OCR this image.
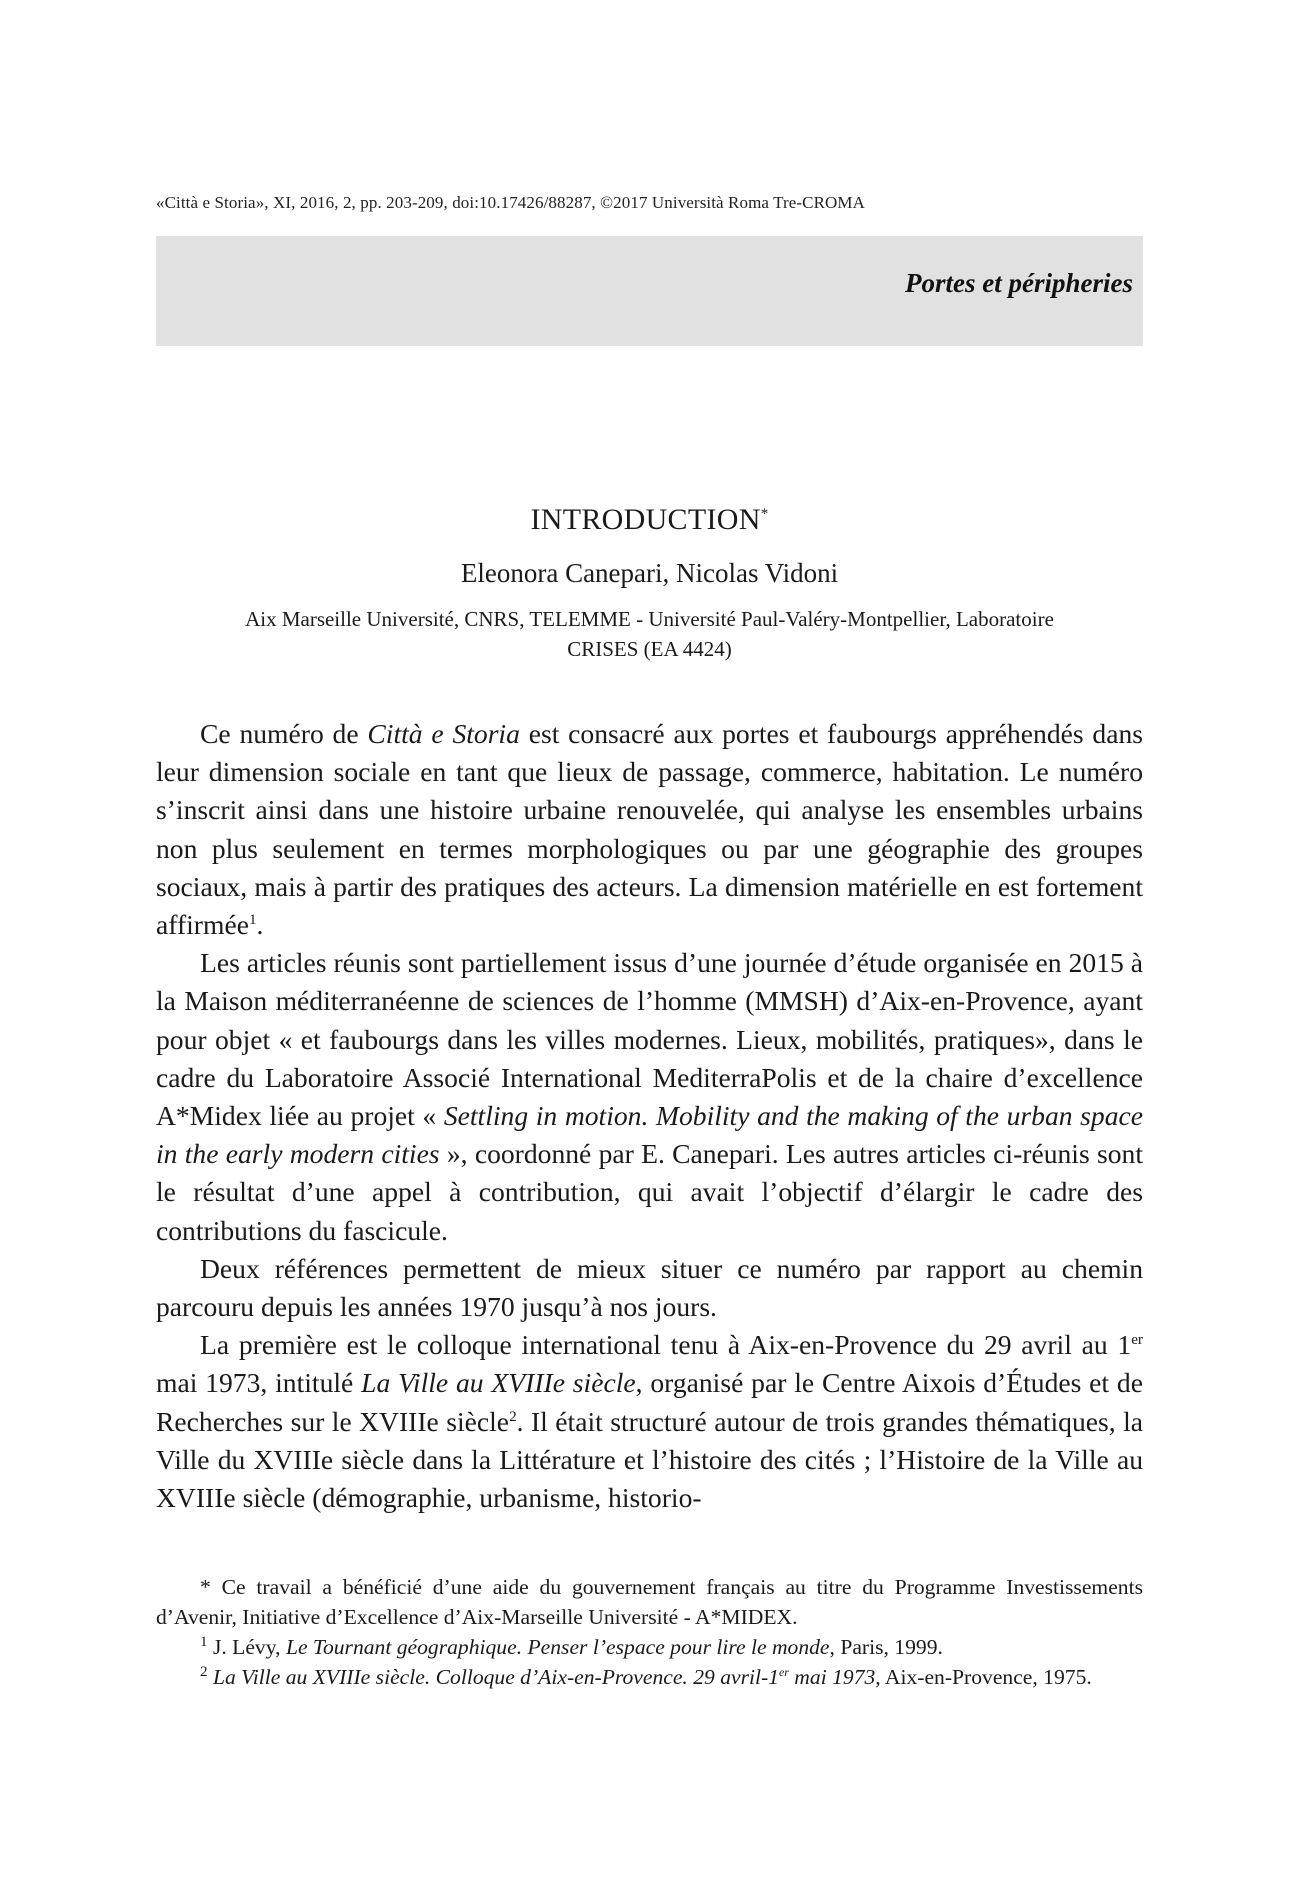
«Città e Storia», XI, 2016, 2, pp. 203-209, doi:10.17426/88287, ©2017 Università Roma Tre-CROMA
Portes et péripheries
INTRODUCTION*
Eleonora Canepari, Nicolas Vidoni
Aix Marseille Université, CNRS, TELEMME - Université Paul-Valéry-Montpellier, Laboratoire
CRISES (EA 4424)

Ce numéro de Città e Storia est consacré aux portes et faubourgs appréhendés dans leur dimension sociale en tant que lieux de passage, commerce, habitation. Le numéro s’inscrit ainsi dans une histoire urbaine renouvelée, qui analyse les ensembles urbains non plus seulement en termes morphologiques ou par une géographie des groupes sociaux, mais à partir des pratiques des acteurs. La dimension matérielle en est fortement affirmée$^1$.

Les articles réunis sont partiellement issus d’une journée d’étude organisée en 2015 à la Maison méditerranéenne de sciences de l’homme (MMSH) d’Aix-en-Provence, ayant pour objet « et faubourgs dans les villes modernes. Lieux, mobilités, pratiques», dans le cadre du Laboratoire Associé International MediterraPolis et de la chaire d’excellence A*Midex liée au projet « Settling in motion. Mobility and the making of the urban space in the early modern cities », coordonné par E. Canepari. Les autres articles ci-réunis sont le résultat d’une appel à contribution, qui avait l’objectif d’élargir le cadre des contributions du fascicule.

Deux références permettent de mieux situer ce numéro par rapport au chemin parcouru depuis les années 1970 jusqu’à nos jours.

La première est le colloque international tenu à Aix-en-Provence du 29 avril au 1er mai 1973, intitulé La Ville au XVIIIe siècle, organisé par le Centre Aixois d’Études et de Recherches sur le XVIIIe siècle$^2$. Il était structuré autour de trois grandes thématiques, la Ville du XVIIIe siècle dans la Littérature et l’histoire des cités ; l’Histoire de la Ville au XVIIIe siècle (démographie, urbanisme, historio-

* Ce travail a bénéficié d’une aide du gouvernement français au titre du Programme Investissements d’Avenir, Initiative d’Excellence d’Aix-Marseille Université - A*MIDEX.

$^1$ J. Lévy, Le Tournant géographique. Penser l’espace pour lire le monde, Paris, 1999.

$^2$ La Ville au XVIIIe siècle. Colloque d’Aix-en-Provence. 29 avril-1er mai 1973, Aix-en-Provence, 1975.
